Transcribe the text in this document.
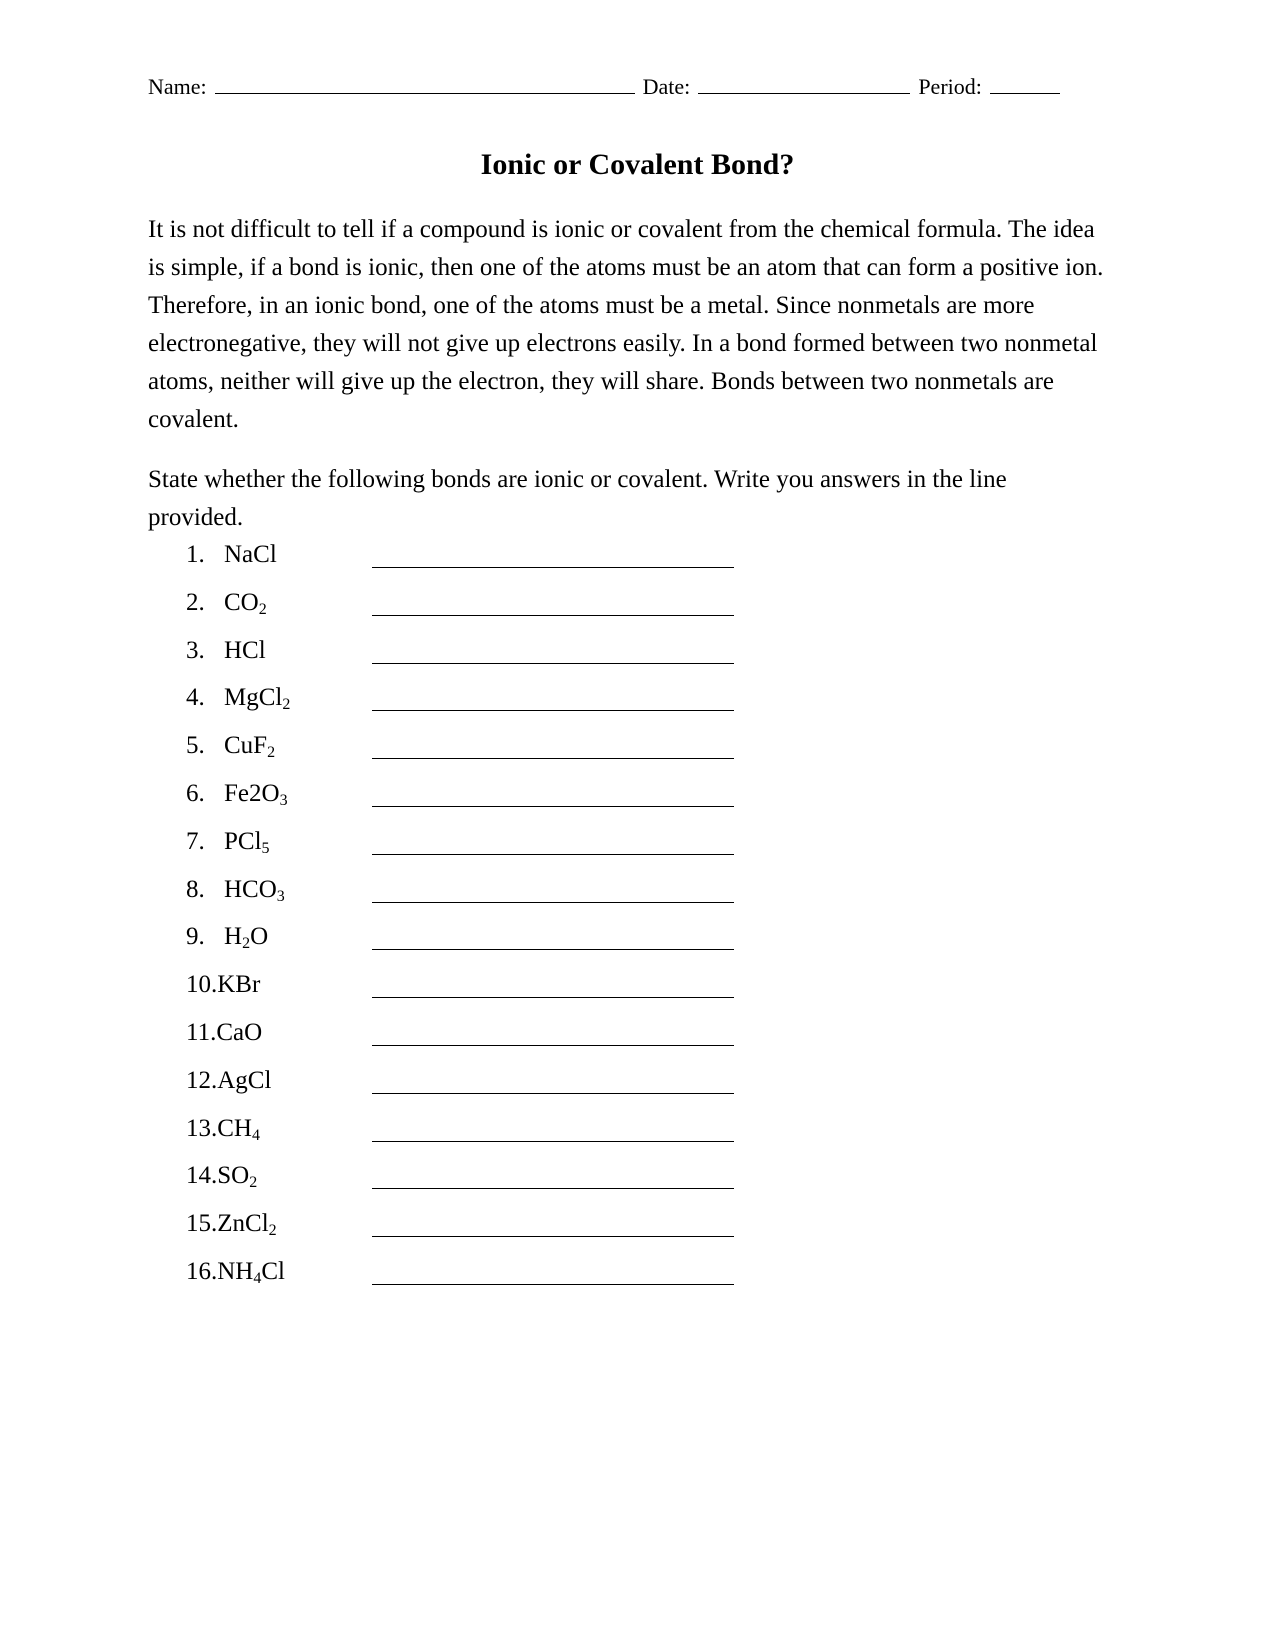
Name:	Date:	Period:
Ionic or Covalent Bond?

It is not difficult to tell if a compound is ionic or covalent from the chemical formula. The idea is simple, if a bond is ionic, then one of the atoms must be an atom that can form a positive ion. Therefore, in an ionic bond, one of the atoms must be a metal. Since nonmetals are more electronegative, they will not give up electrons easily. In a bond formed between two nonmetal atoms, neither will give up the electron, they will share. Bonds between two nonmetals are covalent.

State whether the following bonds are ionic or covalent. Write you answers in the line provided.

1. NaCl
2. $CO_2$
3. HCl
4. MgCl$_2$
5. CuF$_2$
6. $Fe2O_3$
7. PCl$_5$
8. $HCO_3$
9. $H_2O$
10.KBr
11.CaO
12.AgCl
$13.CH_4$
$14.SO_2$
15.ZnCl$_2$
$16.NH_4Cl$
